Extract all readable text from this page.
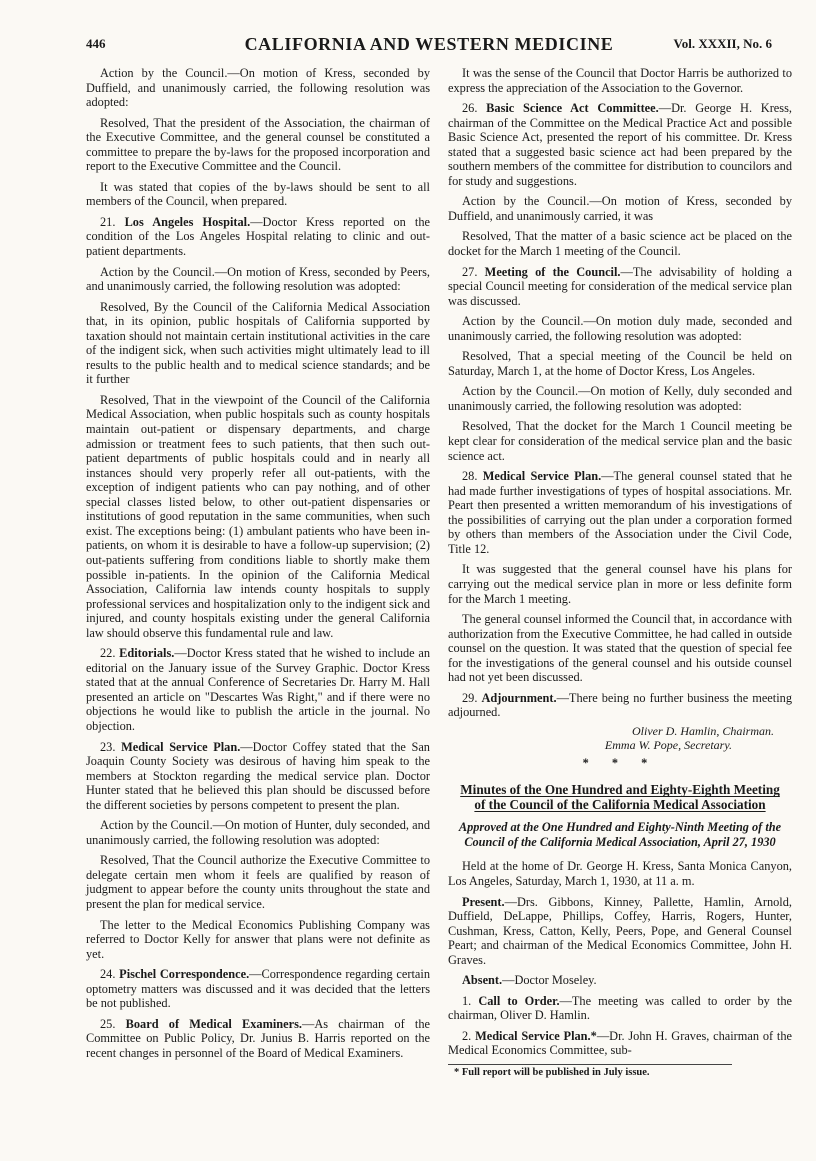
446	CALIFORNIA AND WESTERN MEDICINE	Vol. XXXII, No. 6

Action by the Council.—On motion of Kress, seconded by Duffield, and unanimously carried, the following resolution was adopted:

Resolved, That the president of the Association, the chairman of the Executive Committee, and the general counsel be constituted a committee to prepare the by-laws for the proposed incorporation and report to the Executive Committee and the Council.

It was stated that copies of the by-laws should be sent to all members of the Council, when prepared.

21. Los Angeles Hospital.—Doctor Kress reported on the condition of the Los Angeles Hospital relating to clinic and out-patient departments.

Action by the Council.—On motion of Kress, seconded by Peers, and unanimously carried, the following resolution was adopted:

Resolved, By the Council of the California Medical Association that, in its opinion, public hospitals of California supported by taxation should not maintain certain institutional activities in the care of the indigent sick, when such activities might ultimately lead to ill results to the public health and to medical science standards; and be it further

Resolved, That in the viewpoint of the Council of the California Medical Association, when public hospitals such as county hospitals maintain out-patient or dispensary departments, and charge admission or treatment fees to such patients, that then such out-patient departments of public hospitals could and in nearly all instances should very properly refer all out-patients, with the exception of indigent patients who can pay nothing, and of other special classes listed below, to other out-patient dispensaries or institutions of good reputation in the same communities, when such exist. The exceptions being: (1) ambulant patients who have been in-patients, on whom it is desirable to have a follow-up supervision; (2) out-patients suffering from conditions liable to shortly make them possible in-patients. In the opinion of the California Medical Association, California law intends county hospitals to supply professional services and hospitalization only to the indigent sick and injured, and county hospitals existing under the general California law should observe this fundamental rule and law.

22. Editorials.—Doctor Kress stated that he wished to include an editorial on the January issue of the Survey Graphic. Doctor Kress stated that at the annual Conference of Secretaries Dr. Harry M. Hall presented an article on "Descartes Was Right," and if there were no objections he would like to publish the article in the journal. No objection.

23. Medical Service Plan.—Doctor Coffey stated that the San Joaquin County Society was desirous of having him speak to the members at Stockton regarding the medical service plan. Doctor Hunter stated that he believed this plan should be discussed before the different societies by persons competent to present the plan.

Action by the Council.—On motion of Hunter, duly seconded, and unanimously carried, the following resolution was adopted:

Resolved, That the Council authorize the Executive Committee to delegate certain men whom it feels are qualified by reason of judgment to appear before the county units throughout the state and present the plan for medical service.

The letter to the Medical Economics Publishing Company was referred to Doctor Kelly for answer that plans were not definite as yet.

24. Pischel Correspondence.—Correspondence regarding certain optometry matters was discussed and it was decided that the letters be not published.

25. Board of Medical Examiners.—As chairman of the Committee on Public Policy, Dr. Junius B. Harris reported on the recent changes in personnel of the Board of Medical Examiners.

It was the sense of the Council that Doctor Harris be authorized to express the appreciation of the Association to the Governor.

26. Basic Science Act Committee.—Dr. George H. Kress, chairman of the Committee on the Medical Practice Act and possible Basic Science Act, presented the report of his committee. Dr. Kress stated that a suggested basic science act had been prepared by the southern members of the committee for distribution to councilors and for study and suggestions.

Action by the Council.—On motion of Kress, seconded by Duffield, and unanimously carried, it was

Resolved, That the matter of a basic science act be placed on the docket for the March 1 meeting of the Council.

27. Meeting of the Council.—The advisability of holding a special Council meeting for consideration of the medical service plan was discussed.

Action by the Council.—On motion duly made, seconded and unanimously carried, the following resolution was adopted:

Resolved, That a special meeting of the Council be held on Saturday, March 1, at the home of Doctor Kress, Los Angeles.

Action by the Council.—On motion of Kelly, duly seconded and unanimously carried, the following resolution was adopted:

Resolved, That the docket for the March 1 Council meeting be kept clear for consideration of the medical service plan and the basic science act.

28. Medical Service Plan.—The general counsel stated that he had made further investigations of types of hospital associations. Mr. Peart then presented a written memorandum of his investigations of the possibilities of carrying out the plan under a corporation formed by others than members of the Association under the Civil Code, Title 12.

It was suggested that the general counsel have his plans for carrying out the medical service plan in more or less definite form for the March 1 meeting.

The general counsel informed the Council that, in accordance with authorization from the Executive Committee, he had called in outside counsel on the question. It was stated that the question of special fee for the investigations of the general counsel and his outside counsel had not yet been discussed.

29. Adjournment.—There being no further business the meeting adjourned.

Oliver D. Hamlin, Chairman.
Emma W. Pope, Secretary.
* * *
Minutes of the One Hundred and Eighty-Eighth Meeting of the Council of the California Medical Association
Approved at the One Hundred and Eighty-Ninth Meeting of the Council of the California Medical Association, April 27, 1930

Held at the home of Dr. George H. Kress, Santa Monica Canyon, Los Angeles, Saturday, March 1, 1930, at 11 a. m.

Present.—Drs. Gibbons, Kinney, Pallette, Hamlin, Arnold, Duffield, DeLappe, Phillips, Coffey, Harris, Rogers, Hunter, Cushman, Kress, Catton, Kelly, Peers, Pope, and General Counsel Peart; and chairman of the Medical Economics Committee, John H. Graves.

Absent.—Doctor Moseley.

1. Call to Order.—The meeting was called to order by the chairman, Oliver D. Hamlin.

2. Medical Service Plan.*—Dr. John H. Graves, chairman of the Medical Economics Committee, sub-

* Full report will be published in July issue.
